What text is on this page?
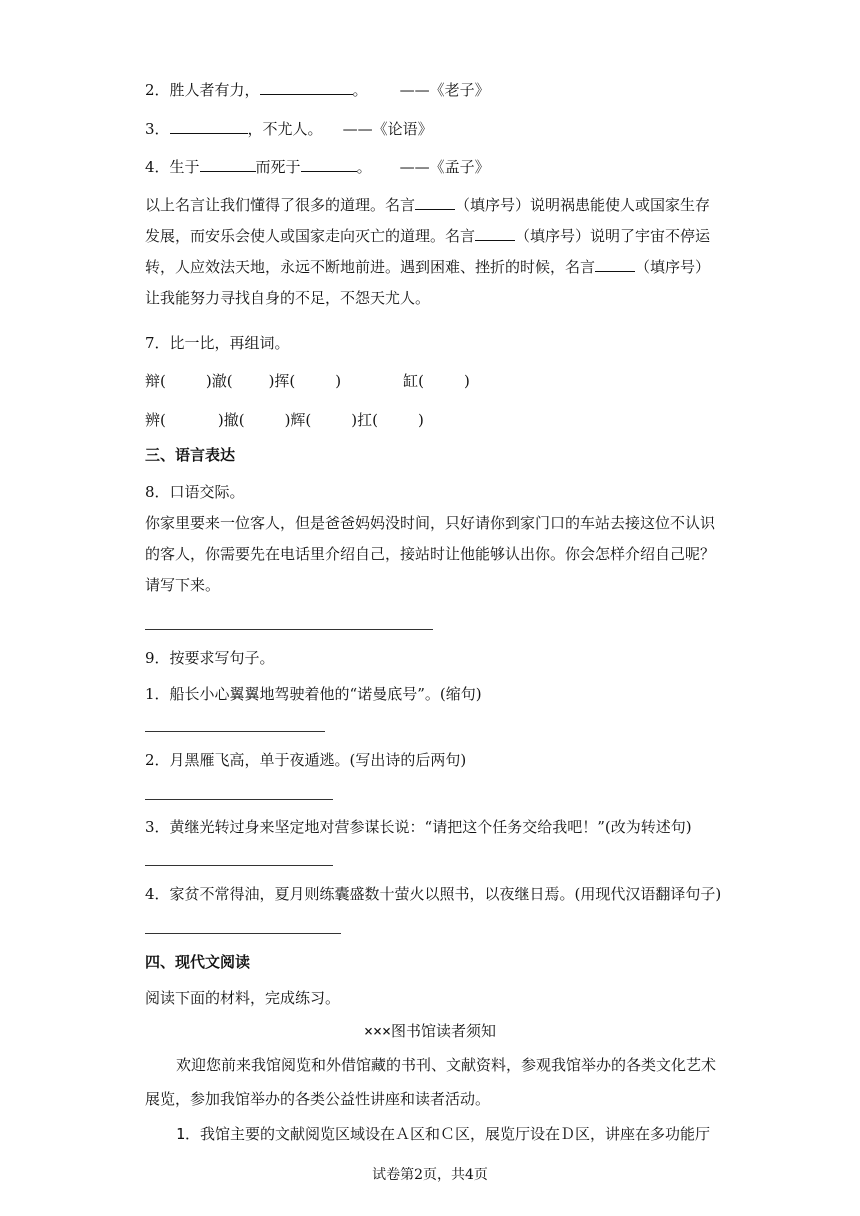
2．胜人者有力，	。 ——《老子》
3．	，不尤人。 ——《论语》
4．生于	而死于	。 ——《孟子》
以上名言让我们懂得了很多的道理。名言	（填序号）说明祸患能使人或国家生存发展，而安乐会使人或国家走向灭亡的道理。名言	（填序号）说明了宇宙不停运转，人应效法天地，永远不断地前进。遇到困难、挫折的时候，名言	（填序号）让我能努力寻找自身的不足，不怨天尤人。
7．比一比，再组词。
辩(	)澈( )挥(	)	缸(	)
辨(	)撤(	)辉(	)扛(	)
三、语言表达
8．口语交际。
你家里要来一位客人，但是爸爸妈妈没时间，只好请你到家门口的车站去接这位不认识的客人，你需要先在电话里介绍自己，接站时让他能够认出你。你会怎样介绍自己呢？请写下来。
9．按要求写句子。
1．船长小心翼翼地驾驶着他的“诺曼底号”。(缩句)
2．月黑雁飞高，单于夜遁逃。(写出诗的后两句)
3．黄继光转过身来坚定地对营参谋长说：“请把这个任务交给我吧！”(改为转述句)
4．家贫不常得油，夏月则练囊盛数十萤火以照书，以夜继日焉。(用现代汉语翻译句子)
四、现代文阅读
阅读下面的材料，完成练习。
×××图书馆读者须知
欢迎您前来我馆阅览和外借馆藏的书刊、文献资料，参观我馆举办的各类文化艺术
展览，参加我馆举办的各类公益性讲座和读者活动。
1．我馆主要的文献阅览区域设在Ａ区和Ｃ区，展览厅设在Ｄ区，讲座在多功能厅
试卷第2页，共4页
